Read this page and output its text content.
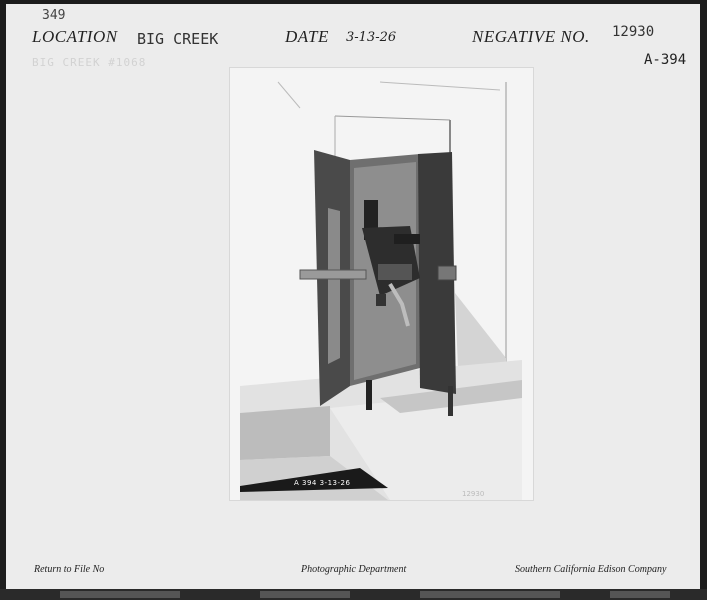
349
LOCATION BIG CREEK
BIG CREEK #1068
DATE 3-13-26	NEGATIVE NO. 12930
A-394
Return to File No	Photographic Department	Southern California Edison Company
A 394 3-13-26
12930
